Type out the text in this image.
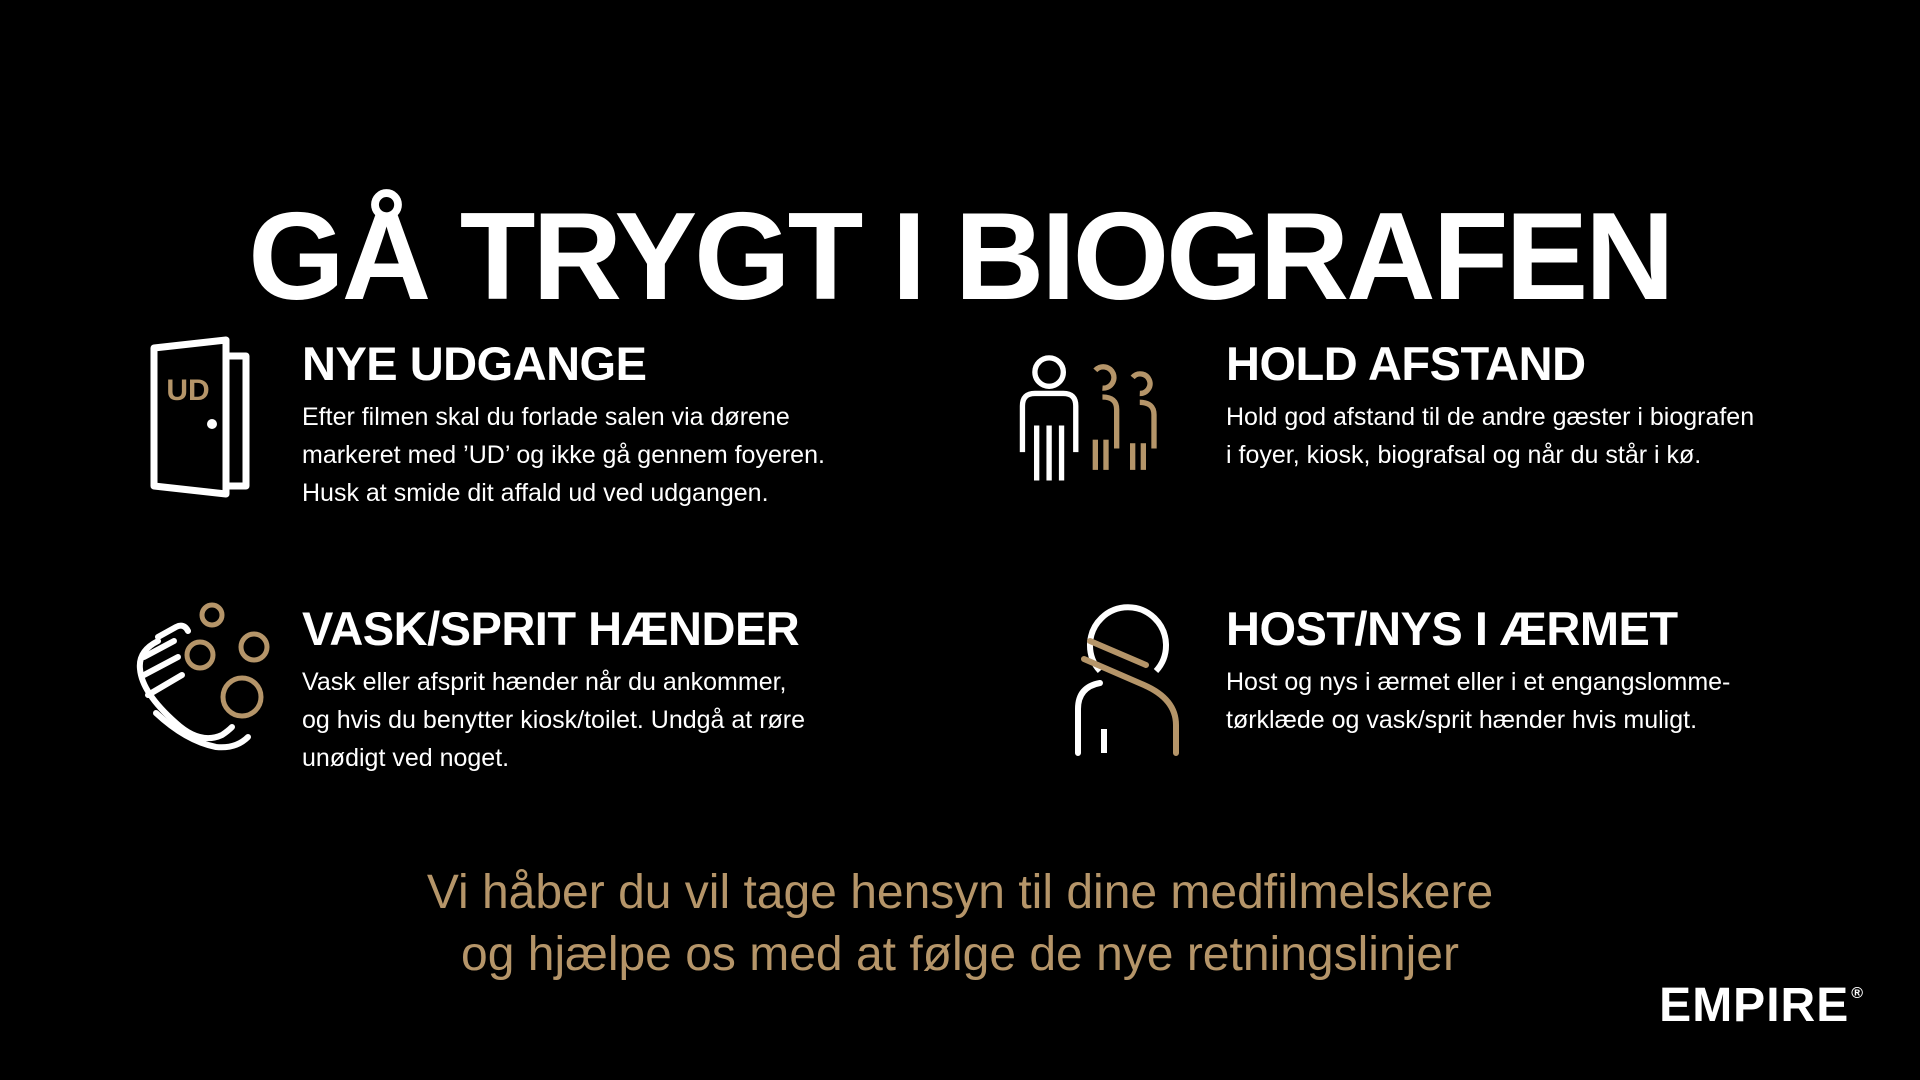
GÅ TRYGT I BIOGRAFEN
UD
NYE UDGANGE

Efter filmen skal du forlade salen via dørene
markeret med ’UD’ og ikke gå gennem foyeren.
Husk at smide dit affald ud ved udgangen.

HOLD AFSTAND

Hold god afstand til de andre gæster i biografen
i foyer, kiosk, biografsal og når du står i kø.

VASK/SPRIT HÆNDER

Vask eller afsprit hænder når du ankommer,
og hvis du benytter kiosk/toilet. Undgå at røre
unødigt ved noget.

HOST/NYS I ÆRMET

Host og nys i ærmet eller i et engangslomme-
tørklæde og vask/sprit hænder hvis muligt.

Vi håber du vil tage hensyn til dine medfilmelskere
og hjælpe os med at følge de nye retningslinjer
EMPIRE ®
